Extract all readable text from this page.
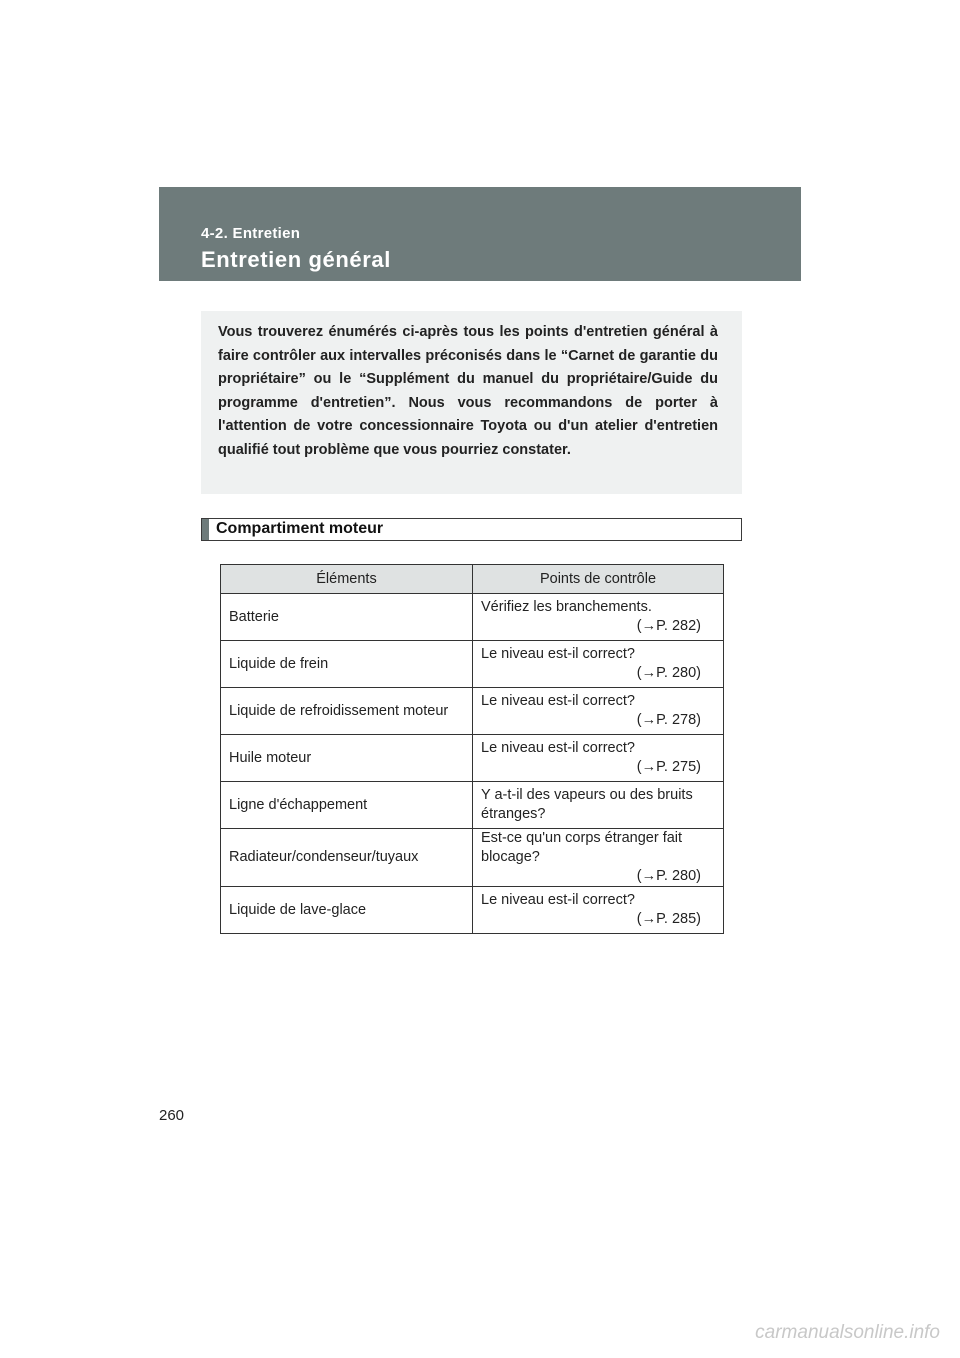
4-2. Entretien
Entretien général

Vous trouverez énumérés ci-après tous les points d'entretien général à faire contrôler aux intervalles préconisés dans le “Carnet de garantie du propriétaire” ou le “Supplément du manuel du propriétaire/Guide du programme d'entretien”. Nous vous recommandons de porter à l'attention de votre concessionnaire Toyota ou d'un atelier d'entretien qualifié tout problème que vous pourriez constater.

Compartiment moteur
Éléments	Points de contrôle
Batterie	Vérifiez les branchements.
(→P. 282)

Liquide de frein	Le niveau est-il correct?
(→P. 280)

Liquide de refroidissement moteur	Le niveau est-il correct?
(→P. 278)

Huile moteur	Le niveau est-il correct?
(→P. 275)

Ligne d'échappement	Y a-t-il des vapeurs ou des bruits étranges?
Radiateur/condenseur/tuyaux	Est-ce qu'un corps étranger fait blocage?
(→P. 280)

Liquide de lave-glace	Le niveau est-il correct?
(→P. 285)
260
carmanualsonline.info
